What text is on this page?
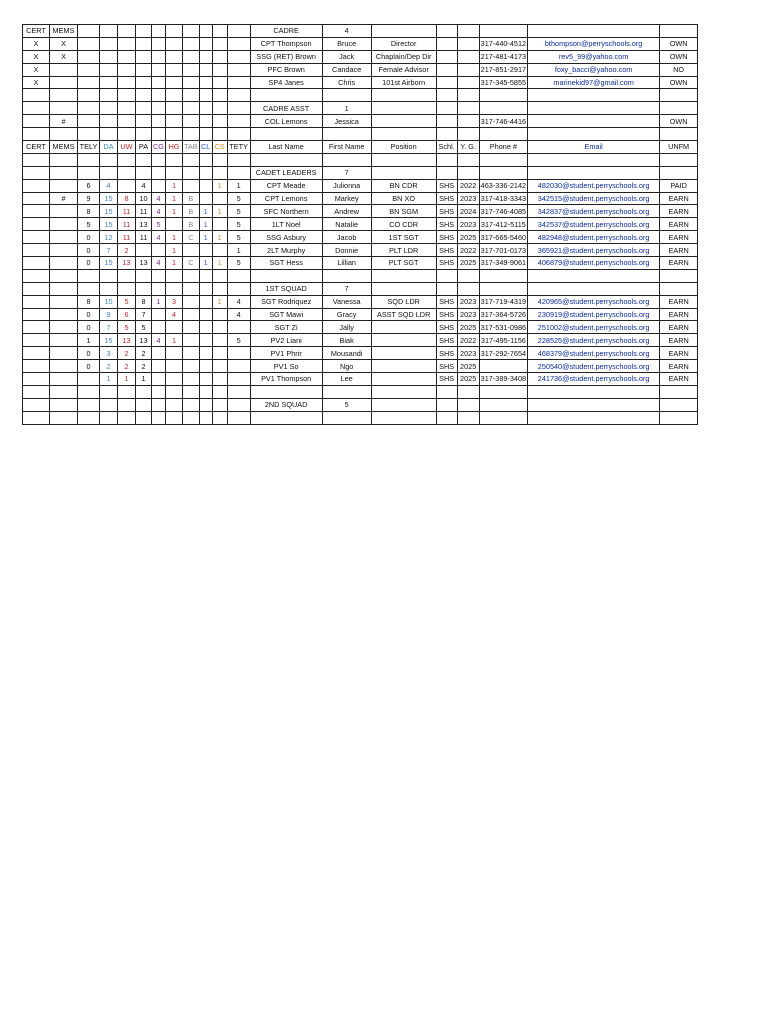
CERT	MEMS											CADRE	4						
X	X											CPT Thompson	Bruce	Director			317-440-4512	bthompson@perryschools.org	OWN
X	X											SSG (RET) Brown	Jack	Chaplain/Dep Dir			217-481-4173	rev5_99@yahoo.com	OWN
X												PFC Brown	Candace	Female Advisor			217-851-2917	foxy_bacci@yahoo.com	NO
X												SP4 Janes	Chris	101st Airborn			317-345-5855	marinekid97@gmail.com	OWN

												CADRE ASST	1						
	#											COL Lemons	Jessica				317-746-4416		OWN

CERT	MEMS	TELY	DA	UW	PA	CG	HG	TAB	CL	CS	TETY	Last Name	First Name	Position	Schl.	Y. G.	Phone #	Email	UNFM

												CADET LEADERS	7						
		6	4		4		1			1	1	CPT Meade	Julionna	BN CDR	SHS	2022	463-336-2142	482030@student.perryschools.org	PAID
	#	9	15	8	10	4	1	B			5	CPT Lemons	Markey	BN XO	SHS	2023	317-418-3343	342515@student.perryschools.org	EARN
		8	15	11	11	4	1	B	1	1	5	SFC Northern	Andrew	BN SGM	SHS	2024	317-746-4085	342837@student.perryschools.org	EARN
		5	15	11	13	5		B	1		5	1LT Noel	Natalie	CO CDR	SHS	2023	317-412-5115	342537@student.perryschools.org	EARN
		0	12	11	11	4	1	C	1	1	5	SSG Asbury	Jacob	1ST SGT	SHS	2025	317-665-5460	482948@student.perryschools.org	EARN
		0	7	2			1				1	2LT Murphy	Donnie	PLT LDR	SHS	2022	317-701-0173	365921@student.perryschools.org	EARN
		0	15	13	13	4	1	C	1	1	5	SGT Hess	Lillian	PLT SGT	SHS	2025	317-349-9061	406879@student.perryschools.org	EARN

												1ST SQUAD	7						
		8	10	5	8	1	3			1	4	SGT Rodriquez	Vanessa	SQD LDR	SHS	2023	317-719-4319	420965@student.perryschools.org	EARN
		0	9	6	7		4				4	SGT Mawi	Gracy	ASST SQD LDR	SHS	2023	317-364-5726	230919@student.perryschools.org	EARN
		0	7	5	5							SGT Zi	Jally		SHS	2025	317-531-0986	251002@student.perryschools.org	EARN
		1	15	13	13	4	1				5	PV2 Liani	Biak		SHS	2022	317-495-1156	228525@student.perryschools.org	EARN
		0	3	2	2							PV1 Phrir	Mousandi		SHS	2023	317-292-7654	468379@student.perryschools.org	EARN
		0	2	2	2							PV1 So	Ngo		SHS	2025		250540@student.perryschools.org	EARN
			1	1	1							PV1 Thompson	Lee		SHS	2025	317-389-3408	241736@student.perryschools.org	EARN

												2ND SQUAD	5						
